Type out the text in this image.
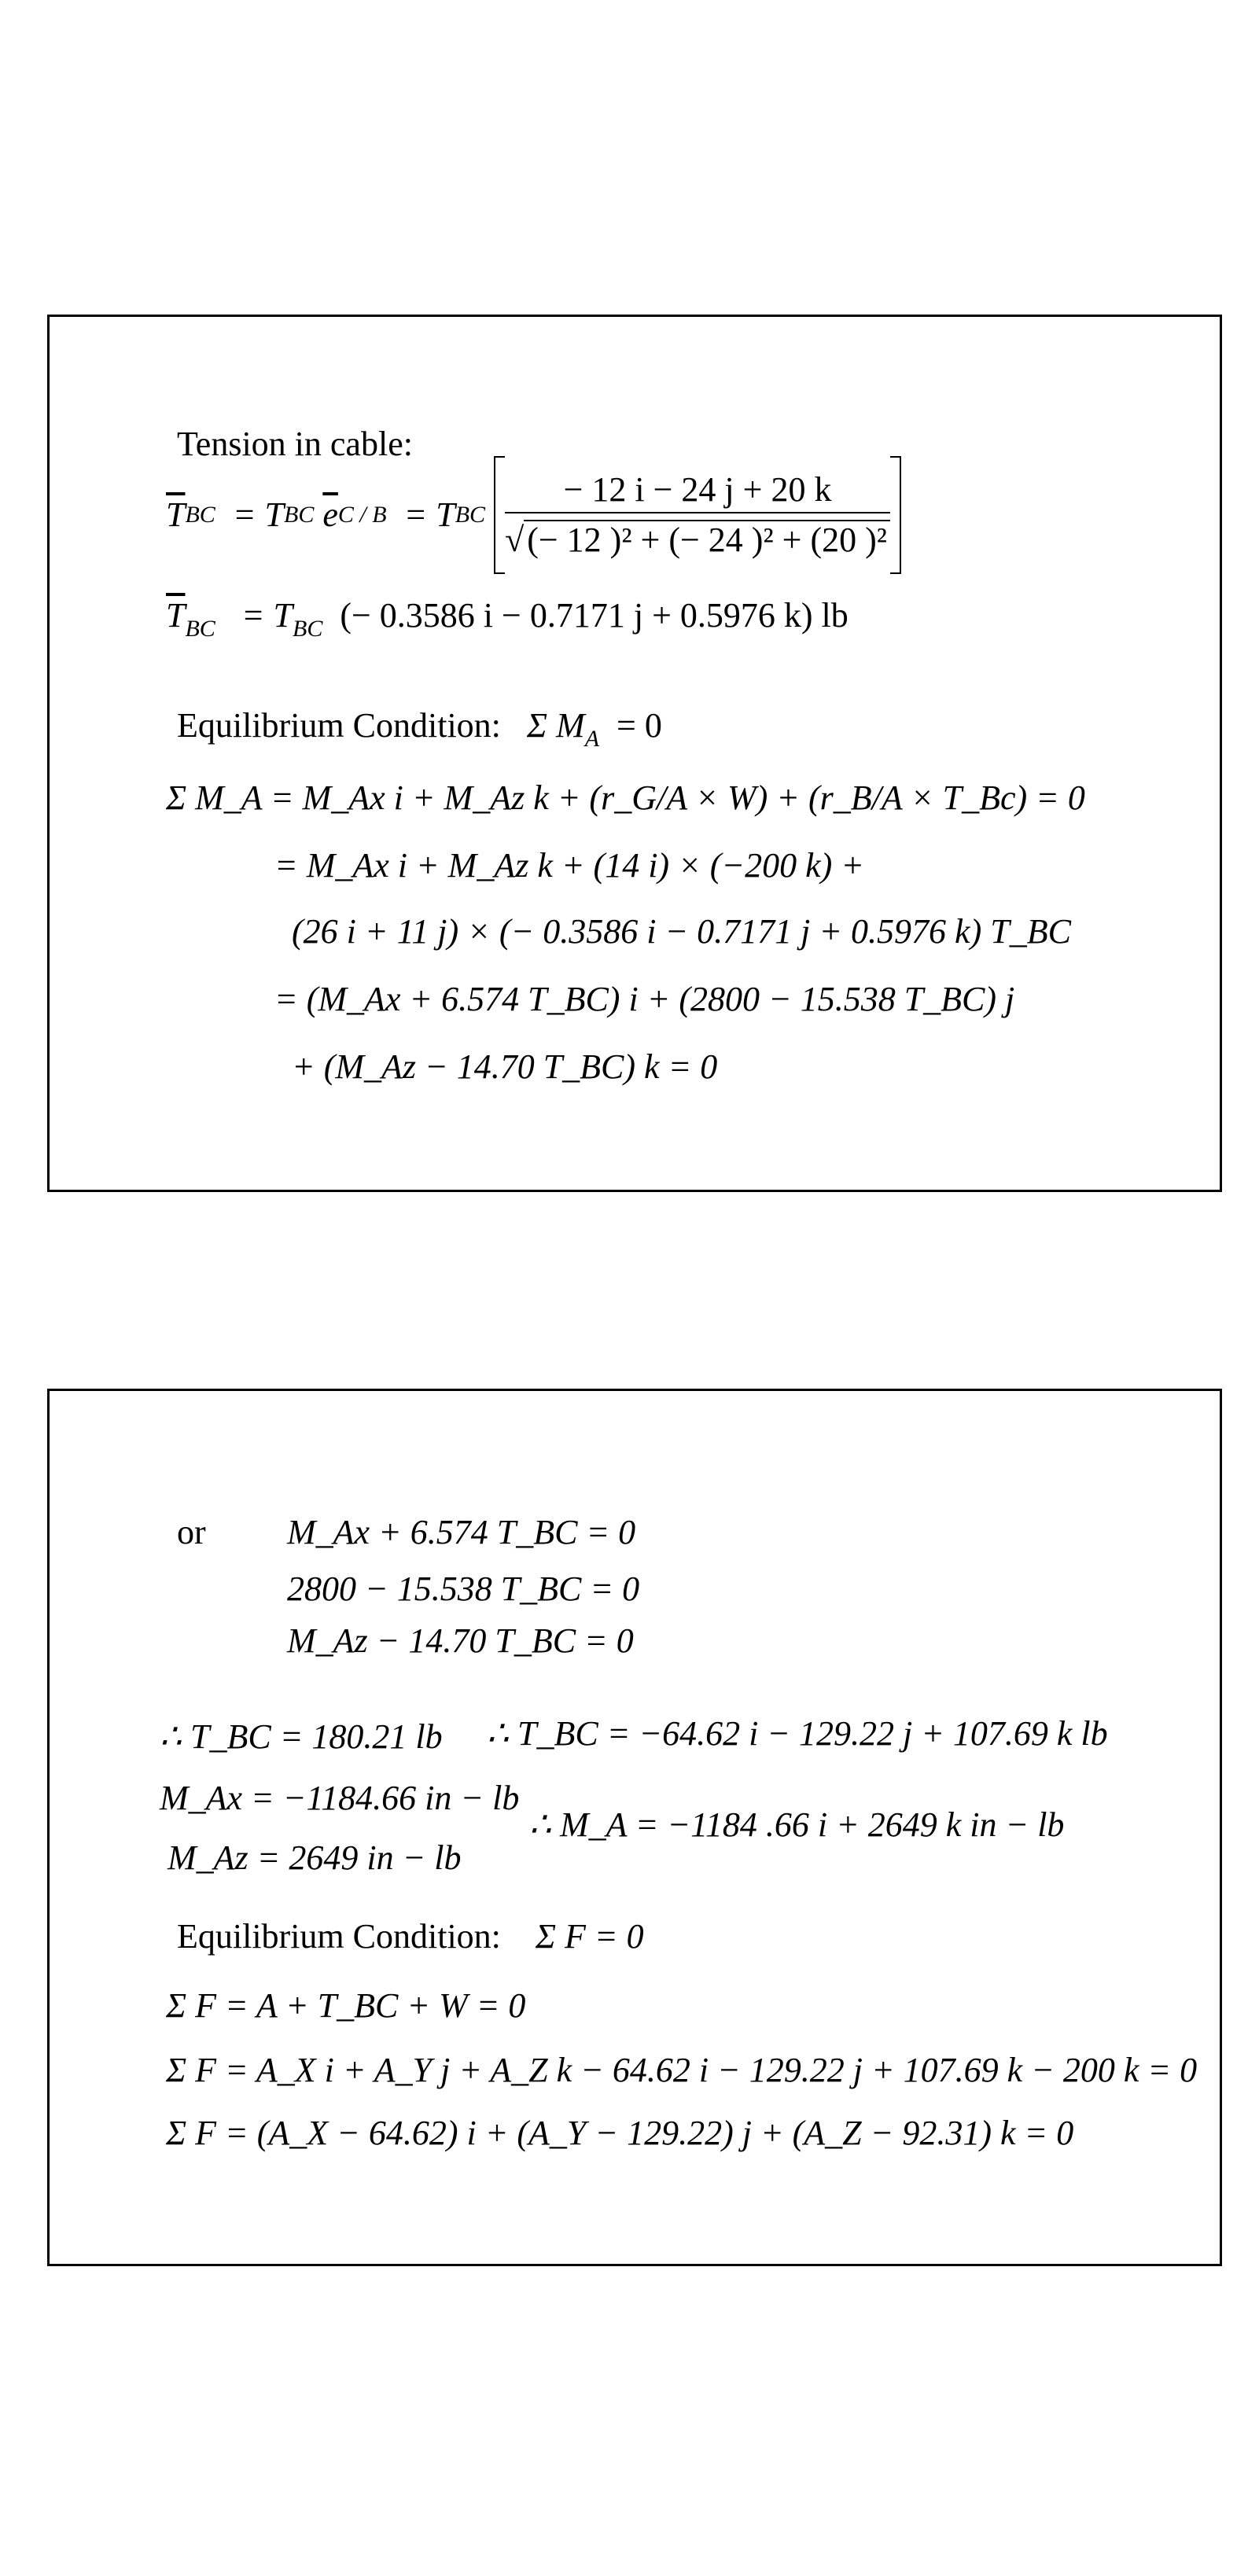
Tension in cable:
$\overline{T}$ BC
= T BC
$\overline{e}$ C / B
= T BC
$\frac{- 12 i - 24 j + 20 k}{\text{√(− 12 )² + (− 24 )² + (20 )²}}$
$\overline{T}_{BC} = T_{BC}$ (− 0.3586 i − 0.7171 j + 0.5976 k) lb
Equilibrium Condition: Σ $M_A = 0$
Σ M_A = M_Ax i + M_Az k + (r_G/A × W) + (r_B/A × T_Bc) = 0
= M_Ax i + M_Az k + (14 i) × (−200 k) +
(26 i + 11 j) × (− 0.3586 i − 0.7171 j + 0.5976 k) T_BC
= (M_Ax + 6.574 T_BC) i + (2800 − 15.538 T_BC) j
+ (M_Az − 14.70 T_BC) k = 0
or M_Ax + 6.574 T_BC = 0
2800 − 15.538 T_BC = 0
M_Az − 14.70 T_BC = 0
∴ T_BC = 180.21 lb
M_Ax = −1184.66 in − lb
M_Az = 2649 in − lb
∴ T_BC = −64.62 i − 129.22 j + 107.69 k lb
∴ M_A = −1184 .66 i + 2649 k in − lb
Equilibrium Condition: Σ F = 0
Σ F = A + T_BC + W = 0
Σ F = A_X i + A_Y j + A_Z k − 64.62 i − 129.22 j + 107.69 k − 200 k = 0
Σ F = (A_X − 64.62) i + (A_Y − 129.22) j + (A_Z − 92.31) k = 0
